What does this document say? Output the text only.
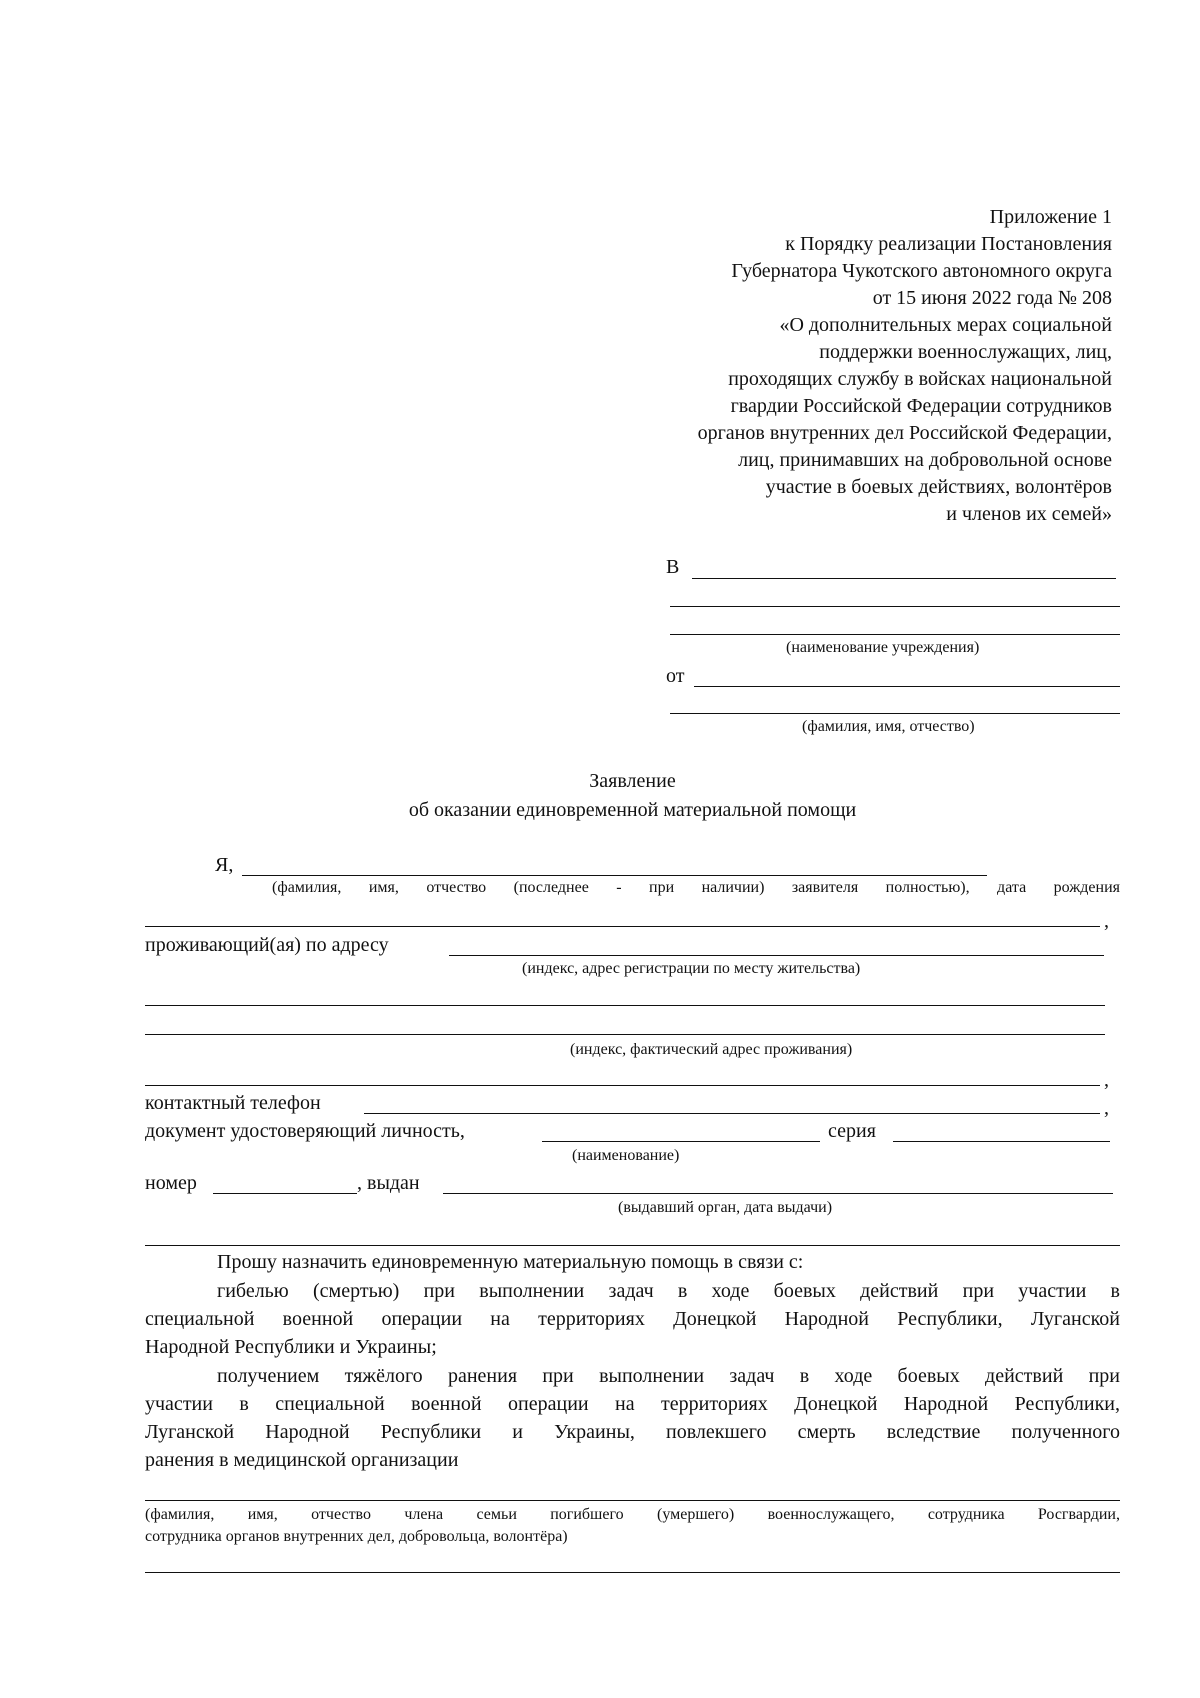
Приложение 1
к Порядку реализации Постановления
Губернатора Чукотского автономного округа
от 15 июня 2022 года № 208
«О дополнительных мерах социальной
поддержки военнослужащих, лиц,
проходящих службу в войсках национальной
гвардии Российской Федерации сотрудников
органов внутренних дел Российской Федерации,
лиц, принимавших на добровольной основе
участие в боевых действиях, волонтёров
и членов их семей»
В
(наименование учреждения)
от
(фамилия, имя, отчество)
Заявление
об оказании единовременной материальной помощи
Я,
(фамилия, имя, отчество (последнее - при наличии) заявителя полностью), дата рождения
,
проживающий(ая) по адресу
(индекс, адрес регистрации по месту жительства)
(индекс, фактический адрес проживания)
,
контактный телефон	,
документ удостоверяющий личность,	серия
(наименование)
номер	, выдан
(выдавший орган, дата выдачи)
Прошу назначить единовременную материальную помощь в связи с:
гибелью (смертью) при выполнении задач в ходе боевых действий при участии в
специальной военной операции на территориях Донецкой Народной Республики, Луганской
Народной Республики и Украины;
получением тяжёлого ранения при выполнении задач в ходе боевых действий при
участии в специальной военной операции на территориях Донецкой Народной Республики,
Луганской Народной Республики и Украины, повлекшего смерть вследствие полученного
ранения в медицинской организации
(фамилия, имя, отчество члена семьи погибшего (умершего) военнослужащего, сотрудника Росгвардии,
сотрудника органов внутренних дел, добровольца, волонтёра)
